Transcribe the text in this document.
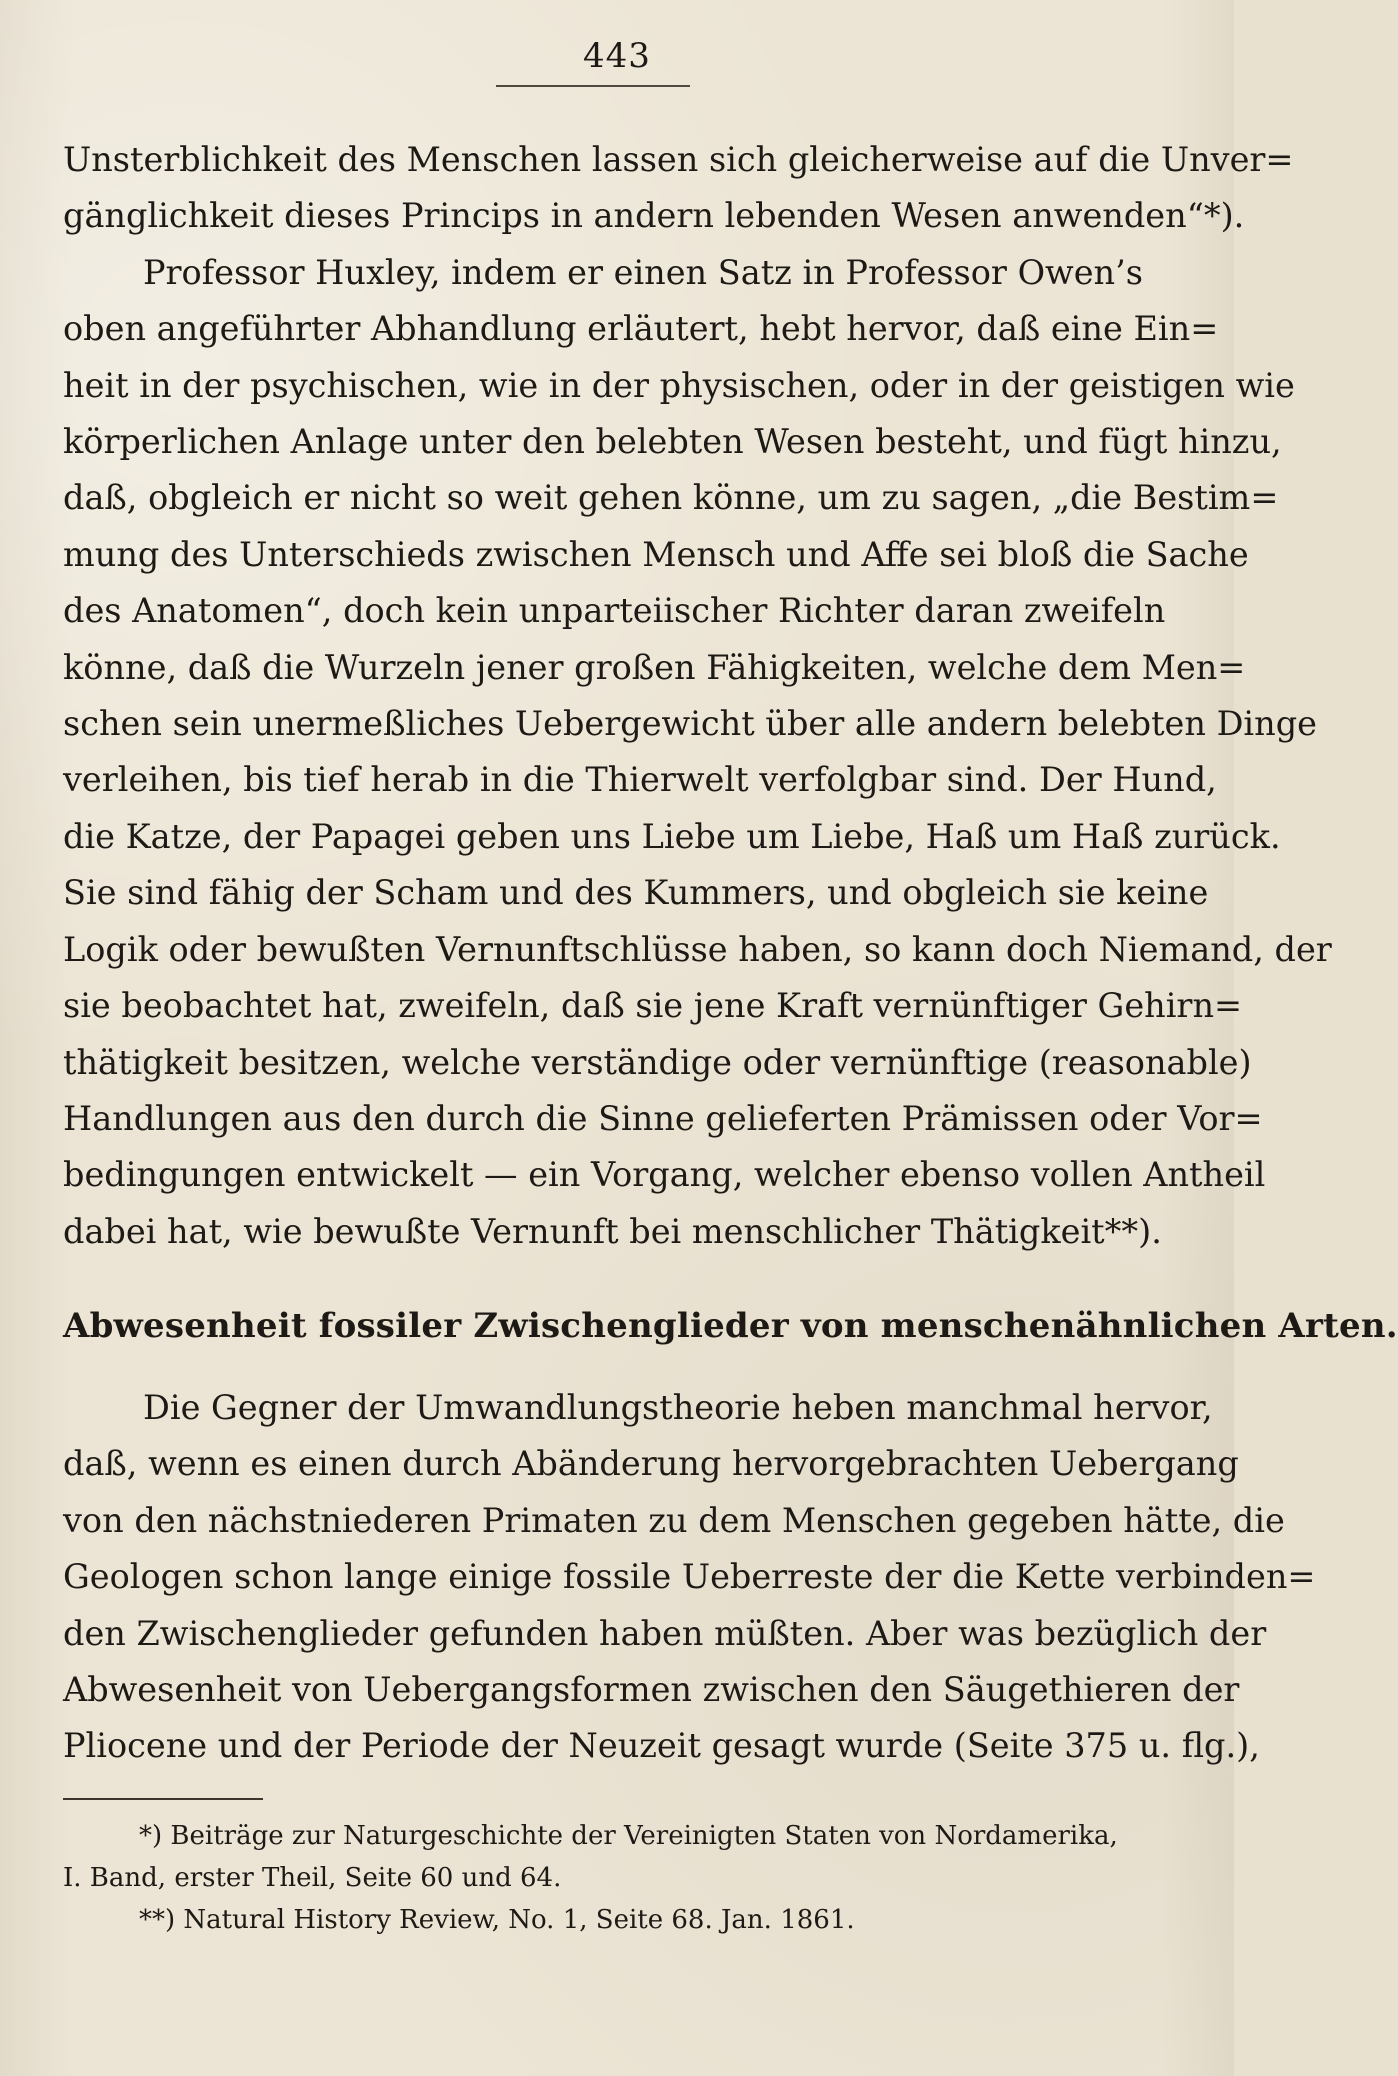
443
Unsterblichkeit des Menschen lassen sich gleicherweise auf die Unver=
gänglichkeit dieses Princips in andern lebenden Wesen anwenden“*).
Professor Huxley, indem er einen Satz in Professor Owen’s
oben angeführter Abhandlung erläutert, hebt hervor, daß eine Ein=
heit in der psychischen, wie in der physischen, oder in der geistigen wie
körperlichen Anlage unter den belebten Wesen besteht, und fügt hinzu,
daß, obgleich er nicht so weit gehen könne, um zu sagen, „die Bestim=
mung des Unterschieds zwischen Mensch und Affe sei bloß die Sache
des Anatomen“, doch kein unparteiischer Richter daran zweifeln
könne, daß die Wurzeln jener großen Fähigkeiten, welche dem Men=
schen sein unermeßliches Uebergewicht über alle andern belebten Dinge
verleihen, bis tief herab in die Thierwelt verfolgbar sind. Der Hund,
die Katze, der Papagei geben uns Liebe um Liebe, Haß um Haß zurück.
Sie sind fähig der Scham und des Kummers, und obgleich sie keine
Logik oder bewußten Vernunftschlüsse haben, so kann doch Niemand, der
sie beobachtet hat, zweifeln, daß sie jene Kraft vernünftiger Gehirn=
thätigkeit besitzen, welche verständige oder vernünftige (reasonable)
Handlungen aus den durch die Sinne gelieferten Prämissen oder Vor=
bedingungen entwickelt — ein Vorgang, welcher ebenso vollen Antheil
dabei hat, wie bewußte Vernunft bei menschlicher Thätigkeit**).
Abwesenheit fossiler Zwischenglieder von menschenähnlichen Arten.
Die Gegner der Umwandlungstheorie heben manchmal hervor,
daß, wenn es einen durch Abänderung hervorgebrachten Uebergang
von den nächstniederen Primaten zu dem Menschen gegeben hätte, die
Geologen schon lange einige fossile Ueberreste der die Kette verbinden=
den Zwischenglieder gefunden haben müßten. Aber was bezüglich der
Abwesenheit von Uebergangsformen zwischen den Säugethieren der
Pliocene und der Periode der Neuzeit gesagt wurde (Seite 375 u. flg.),
*) Beiträge zur Naturgeschichte der Vereinigten Staten von Nordamerika,
I. Band, erster Theil, Seite 60 und 64.
**) Natural History Review, No. 1, Seite 68. Jan. 1861.
